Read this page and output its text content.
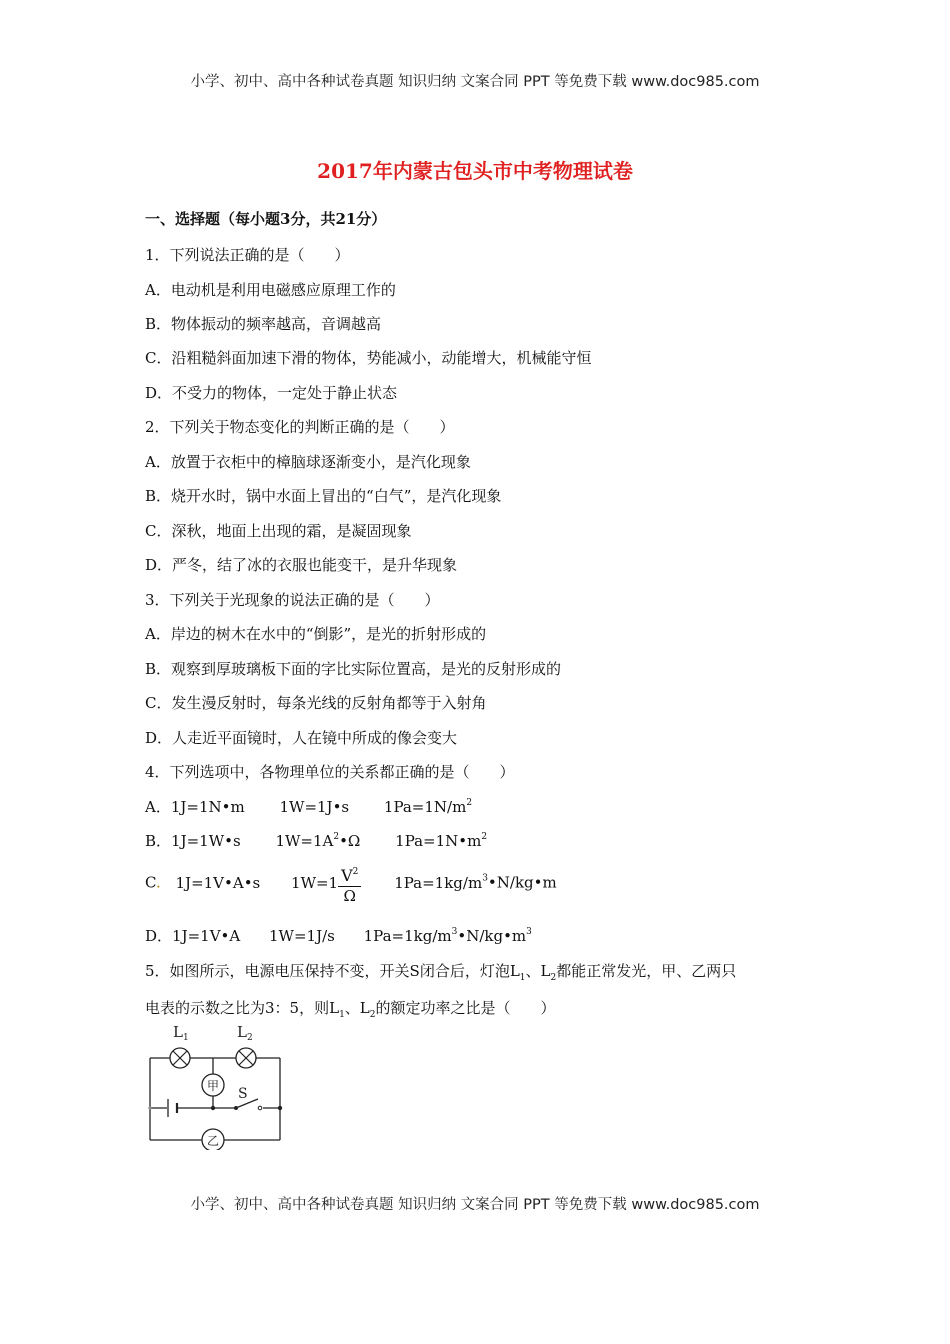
小学、初中、高中各种试卷真题 知识归纳 文案合同 PPT 等免费下载 www.doc985.com
2017年内蒙古包头市中考物理试卷
一、选择题（每小题3分，共21分）
1．下列说法正确的是（　　）
A．电动机是利用电磁感应原理工作的
B．物体振动的频率越高，音调越高
C．沿粗糙斜面加速下滑的物体，势能减小，动能增大，机械能守恒
D．不受力的物体，一定处于静止状态
2．下列关于物态变化的判断正确的是（　　）
A．放置于衣柜中的樟脑球逐渐变小，是汽化现象
B．烧开水时，锅中水面上冒出的“白气”，是汽化现象
C．深秋，地面上出现的霜，是凝固现象
D．严冬，结了冰的衣服也能变干，是升华现象
3．下列关于光现象的说法正确的是（　　）
A．岸边的树木在水中的“倒影”，是光的折射形成的
B．观察到厚玻璃板下面的字比实际位置高，是光的反射形成的
C．发生漫反射时，每条光线的反射角都等于入射角
D．人走近平面镜时，人在镜中所成的像会变大
4．下列选项中，各物理单位的关系都正确的是（　　）
A．1J=1N•m 1W=1J•s $1Pa=1N/m^2$
B．1J=1W•s $1W=1A^2•\Omega$ $1Pa=1N•m^2$
C. 1J=1V•A•s $1W=1 \frac{V^2}{\Omega}$ $1Pa=1kg/m^3•N/kg•m$
D．1J=1V•A 1W=1J/s $1Pa=1kg/m^3•N/kg•m^3$
5．如图所示，电源电压保持不变，开关S闭合后，灯泡$L_1$、$L_2$都能正常发光，甲、乙两只
电表的示数之比为3：5，则$L_1$、$L_2$的额定功率之比是（　　）
L 1	L 2
甲 S
乙
小学、初中、高中各种试卷真题 知识归纳 文案合同 PPT 等免费下载 www.doc985.com
